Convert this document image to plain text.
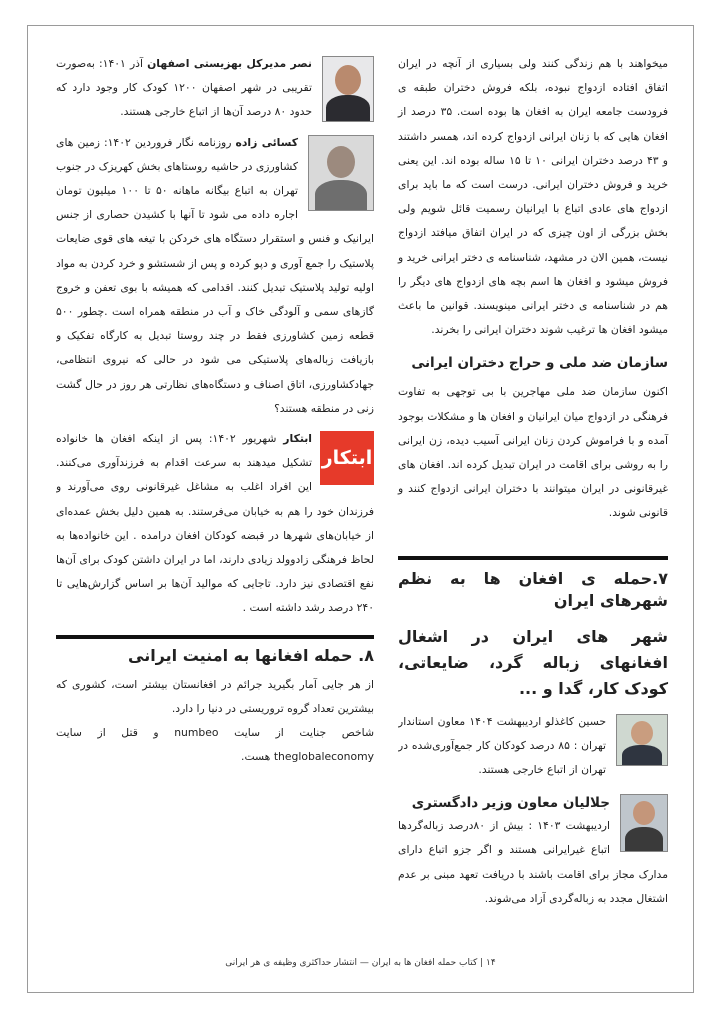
میخواهند با هم زندگی کنند ولی بسیاری از آنچه در ایران اتفاق افتاده ازدواج نبوده، بلکه فروش دختران طبقه ی فرودست جامعه ایران به افغان ها بوده است. ۳۵ درصد از افغان هایی که با زنان ایرانی ازدواج کرده اند، همسر داشتند و ۴۳ درصد دختران ایرانی ۱۰ تا ۱۵ ساله بوده اند. این یعنی خرید و فروش دختران ایرانی. درست است که ما باید برای ازدواج های عادی اتباع با ایرانیان رسمیت قائل شویم ولی بخش بزرگی از اون چیزی که در ایران اتفاق میافتد ازدواج نیست، همین الان در مشهد، شناسنامه ی دختر ایرانی خرید و فروش میشود و افغان ها اسم بچه های ازدواج های دیگر را هم در شناسنامه ی دختر ایرانی مینویسند. قوانین ما باعث میشود افغان ها ترغیب شوند دختران ایرانی را بخرند.

سازمان ضد ملی و حراج دختران ایرانی

اکنون سازمان ضد ملی مهاجرین با بی توجهی به تفاوت فرهنگی در ازدواج میان ایرانیان و افغان ها و مشکلات بوجود آمده و با فراموش کردن زنان ایرانی آسیب دیده، زن ایرانی را به روشی برای اقامت در ایران تبدیل کرده اند. افغان های غیرقانونی در ایران میتوانند با دختران ایرانی ازدواج کنند و قانونی شوند.

۷.حمله ی افغان ها به نظم شهرهای ایران
شهر های ایران در اشغال افغانهای زباله گرد، ضایعاتی، کودک کار، گدا و ...

حسین کاغذلو اردیبهشت ۱۴۰۴ معاون استاندار تهران : ۸۵ درصد کودکان کار جمع‌آوری‌شده در تهران از اتباع خارجی هستند.

جلالیان معاون وزیر دادگستری

اردیبهشت ۱۴۰۳ : بیش از ۸۰درصد زباله‌گردها اتباع غیرایرانی هستند و اگر جزو اتباع دارای مدارک مجاز برای اقامت باشند با دریافت تعهد مبنی بر عدم اشتغال مجدد به زباله‌گردی آزاد می‌شوند.

نصر مدیرکل بهزیستی اصفهان آذر ۱۴۰۱: به‌صورت تقریبی در شهر اصفهان ۱۲۰۰ کودک کار وجود دارد که حدود ۸۰ درصد آن‌ها از اتباع خارجی هستند.

کسائی زاده روزنامه نگار فروردین ۱۴۰۲: زمین های کشاورزی در حاشیه روستاهای بخش کهریزک در جنوب تهران به اتباع بیگانه ماهانه ۵۰ تا ۱۰۰ میلیون تومان اجاره داده می شود تا آنها با کشیدن حصاری از جنس ایرانیک و فنس و استقرار دستگاه های خردکن با تیغه های قوی ضایعات پلاستیک را جمع آوری و دپو کرده و پس از شستشو و خرد کردن به مواد اولیه تولید پلاستیک تبدیل کنند. اقدامی که همیشه با بوی تعفن و خروج گازهای سمی و آلودگی خاک و آب در منطقه همراه است .چطور ۵۰۰ قطعه زمین کشاورزی فقط در چند روستا تبدیل به کارگاه تفکیک و بازیافت زباله‌های پلاستیکی می شود در حالی که نیروی انتظامی، جهادکشاورزی، اتاق اصناف و دستگاه‌های نظارتی هر روز در حال گشت زنی در منطقه هستند؟

ابتکار

ابتکار شهریور ۱۴۰۲: پس از اینکه افغان ها خانواده تشکیل میدهند به سرعت اقدام به فرزندآوری می‌کنند. این افراد اغلب به مشاغل غیرقانونی روی می‌آورند و فرزندان خود را هم به خیابان می‌فرستند. به همین دلیل بخش عمده‌ای از خیابان‌های شهرها در قبضه کودکان افغان درامده . این خانواده‌ها به لحاظ فرهنگی زادوولد زیادی دارند، اما در ایران داشتن کودک برای آن‌ها نفع اقتصادی نیز دارد. تاجایی که موالید آن‌ها بر اساس گزارش‌هایی تا ۲۴۰ درصد رشد داشته است .

۸. حمله افغانها به امنیت ایرانی

از هر جایی آمار بگیرید جرائم در افغانستان بیشتر است، کشوری که بیشترین تعداد گروه تروریستی در دنیا را دارد.

شاخص جنایت از سایت numbeo و قتل از سایت theglobaleconomy هست.

۱۴ | کتاب حمله افغان ها به ایران — انتشار حداکثری وظیفه ی هر ایرانی
